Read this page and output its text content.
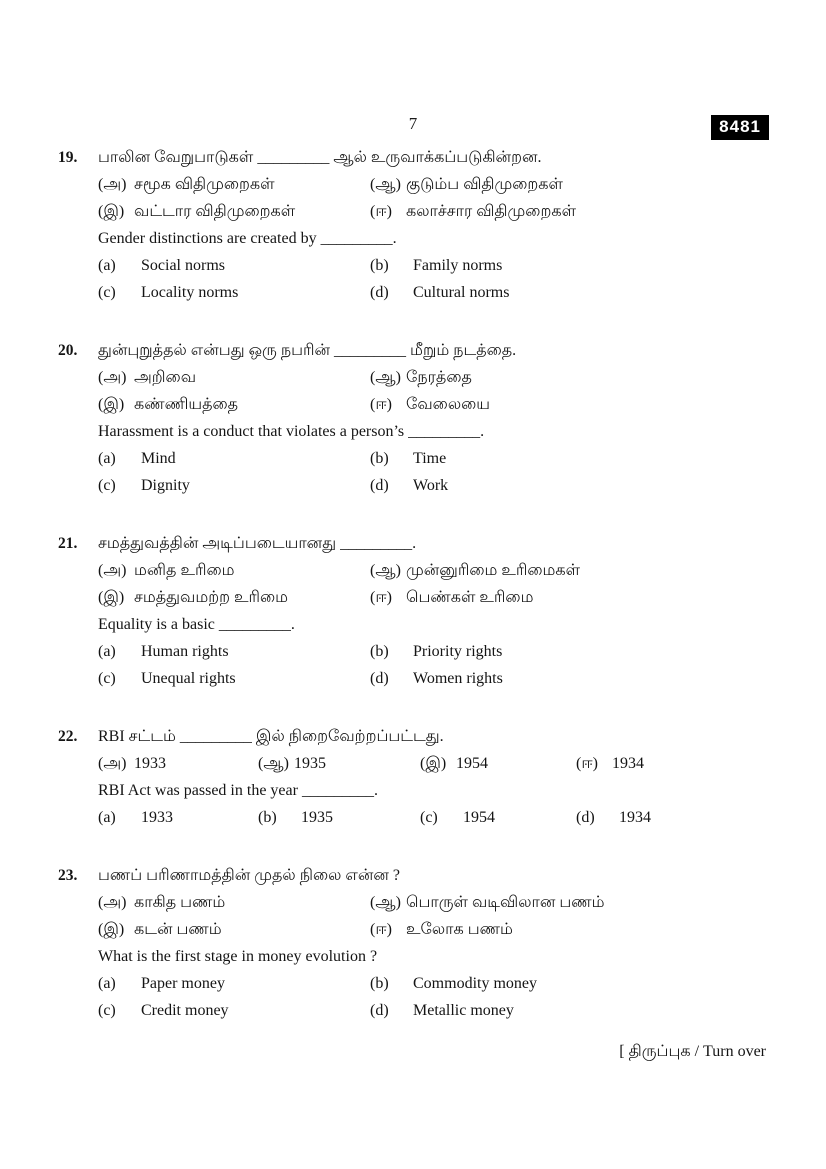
7	8481
19.	பாலின வேறுபாடுகள் _________ ஆல் உருவாக்கப்படுகின்றன.
(அ) சமூக விதிமுறைகள்	(ஆ) குடும்ப விதிமுறைகள்
(இ) வட்டார விதிமுறைகள்	(ஈ) கலாச்சார விதிமுறைகள்
Gender distinctions are created by _________.
(a)	Social norms	(b)	Family norms
(c)	Locality norms	(d)	Cultural norms
20.	துன்புறுத்தல் என்பது ஒரு நபரின் _________ மீறும் நடத்தை.
(அ) அறிவை	(ஆ) நேரத்தை
(இ) கண்ணியத்தை	(ஈ) வேலையை
Harassment is a conduct that violates a person’s _________.
(a)	Mind	(b)	Time
(c)	Dignity	(d)	Work
21.	சமத்துவத்தின் அடிப்படையானது _________.
(அ) மனித உரிமை	(ஆ) முன்னுரிமை உரிமைகள்
(இ) சமத்துவமற்ற உரிமை	(ஈ) பெண்கள் உரிமை
Equality is a basic _________.
(a)	Human rights	(b)	Priority rights
(c)	Unequal rights	(d)	Women rights
22.	RBI சட்டம் _________ இல் நிறைவேற்றப்பட்டது.
(அ) 1933	(ஆ) 1935	(இ) 1954	(ஈ) 1934
RBI Act was passed in the year _________.
(a)	1933	(b)	1935	(c)	1954	(d)	1934
23.	பணப் பரிணாமத்தின் முதல் நிலை என்ன ?
(அ) காகித பணம்	(ஆ) பொருள் வடிவிலான பணம்
(இ) கடன் பணம்	(ஈ) உலோக பணம்
What is the first stage in money evolution ?
(a)	Paper money	(b)	Commodity money
(c)	Credit money	(d)	Metallic money
[ திருப்புக / Turn over
